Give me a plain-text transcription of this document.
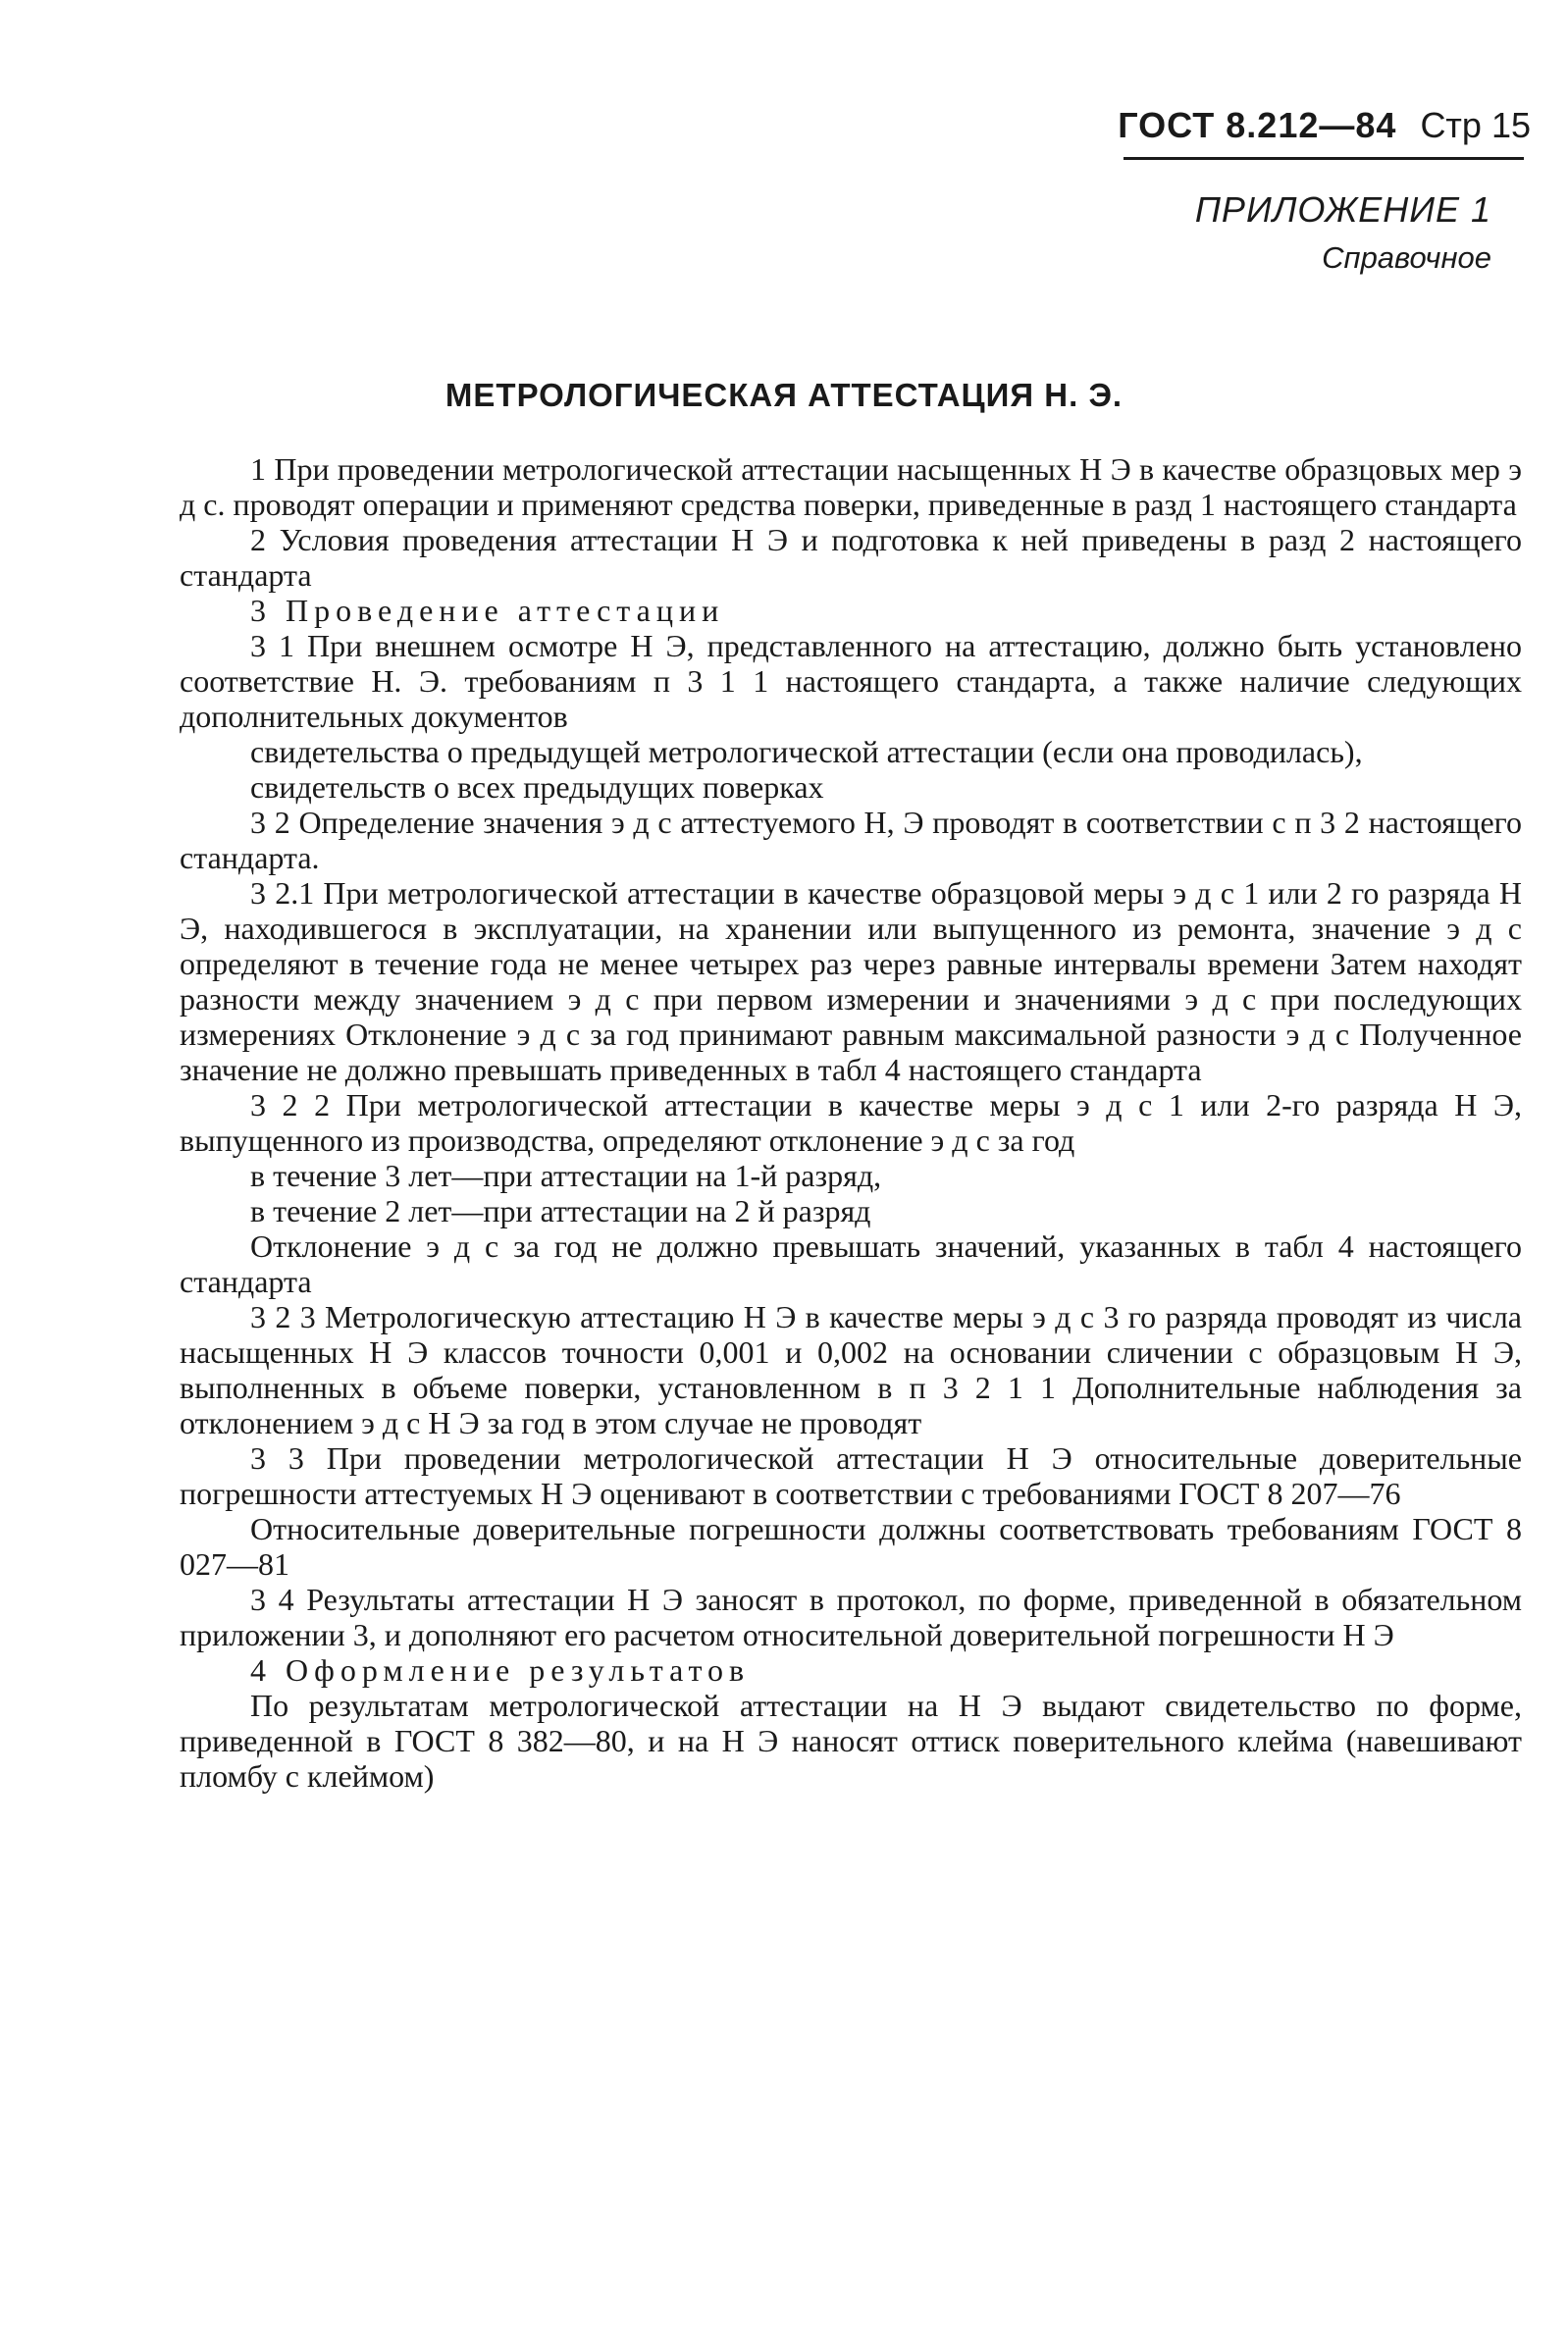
ГОСТ 8.212—84 Стр 15
ПРИЛОЖЕНИЕ 1
Справочное
МЕТРОЛОГИЧЕСКАЯ АТТЕСТАЦИЯ Н. Э.

1 При проведении метрологической аттестации насыщенных Н Э в качестве образцовых мер э д с. проводят операции и применяют средства поверки, приведенные в разд 1 настоящего стандарта

2 Условия проведения аттестации Н Э и подготовка к ней приведены в разд 2 настоящего стандарта

3 Проведение аттестации

3 1 При внешнем осмотре Н Э, представленного на аттестацию, должно быть установлено соответствие Н. Э. требованиям п 3 1 1 настоящего стандарта, а также наличие следующих дополнительных документов

свидетельства о предыдущей метрологической аттестации (если она проводилась),

свидетельств о всех предыдущих поверках

3 2 Определение значения э д с аттестуемого Н, Э проводят в соответствии с п 3 2 настоящего стандарта.

3 2.1 При метрологической аттестации в качестве образцовой меры э д с 1 или 2 го разряда Н Э, находившегося в эксплуатации, на хранении или выпущенного из ремонта, значение э д с определяют в течение года не менее четырех раз через равные интервалы времени Затем находят разности между значением э д с при первом измерении и значениями э д с при последующих измерениях Отклонение э д с за год принимают равным максимальной разности э д с Полученное значение не должно превышать приведенных в табл 4 настоящего стандарта

3 2 2 При метрологической аттестации в качестве меры э д с 1 или 2-го разряда Н Э, выпущенного из производства, определяют отклонение э д с за год

в течение 3 лет—при аттестации на 1-й разряд,

в течение 2 лет—при аттестации на 2 й разряд

Отклонение э д с за год не должно превышать значений, указанных в табл 4 настоящего стандарта

3 2 3 Метрологическую аттестацию Н Э в качестве меры э д с 3 го разряда проводят из числа насыщенных Н Э классов точности 0,001 и 0,002 на основании сличении с образцовым Н Э, выполненных в объеме поверки, установленном в п 3 2 1 1 Дополнительные наблюдения за отклонением э д с Н Э за год в этом случае не проводят

3 3 При проведении метрологической аттестации Н Э относительные доверительные погрешности аттестуемых Н Э оценивают в соответствии с требованиями ГОСТ 8 207—76

Относительные доверительные погрешности должны соответствовать требованиям ГОСТ 8 027—81

3 4 Результаты аттестации Н Э заносят в протокол, по форме, приведенной в обязательном приложении 3, и дополняют его расчетом относительной доверительной погрешности Н Э

4 Оформление результатов

По результатам метрологической аттестации на Н Э выдают свидетельство по форме, приведенной в ГОСТ 8 382—80, и на Н Э наносят оттиск поверительного клейма (навешивают пломбу с клеймом)
